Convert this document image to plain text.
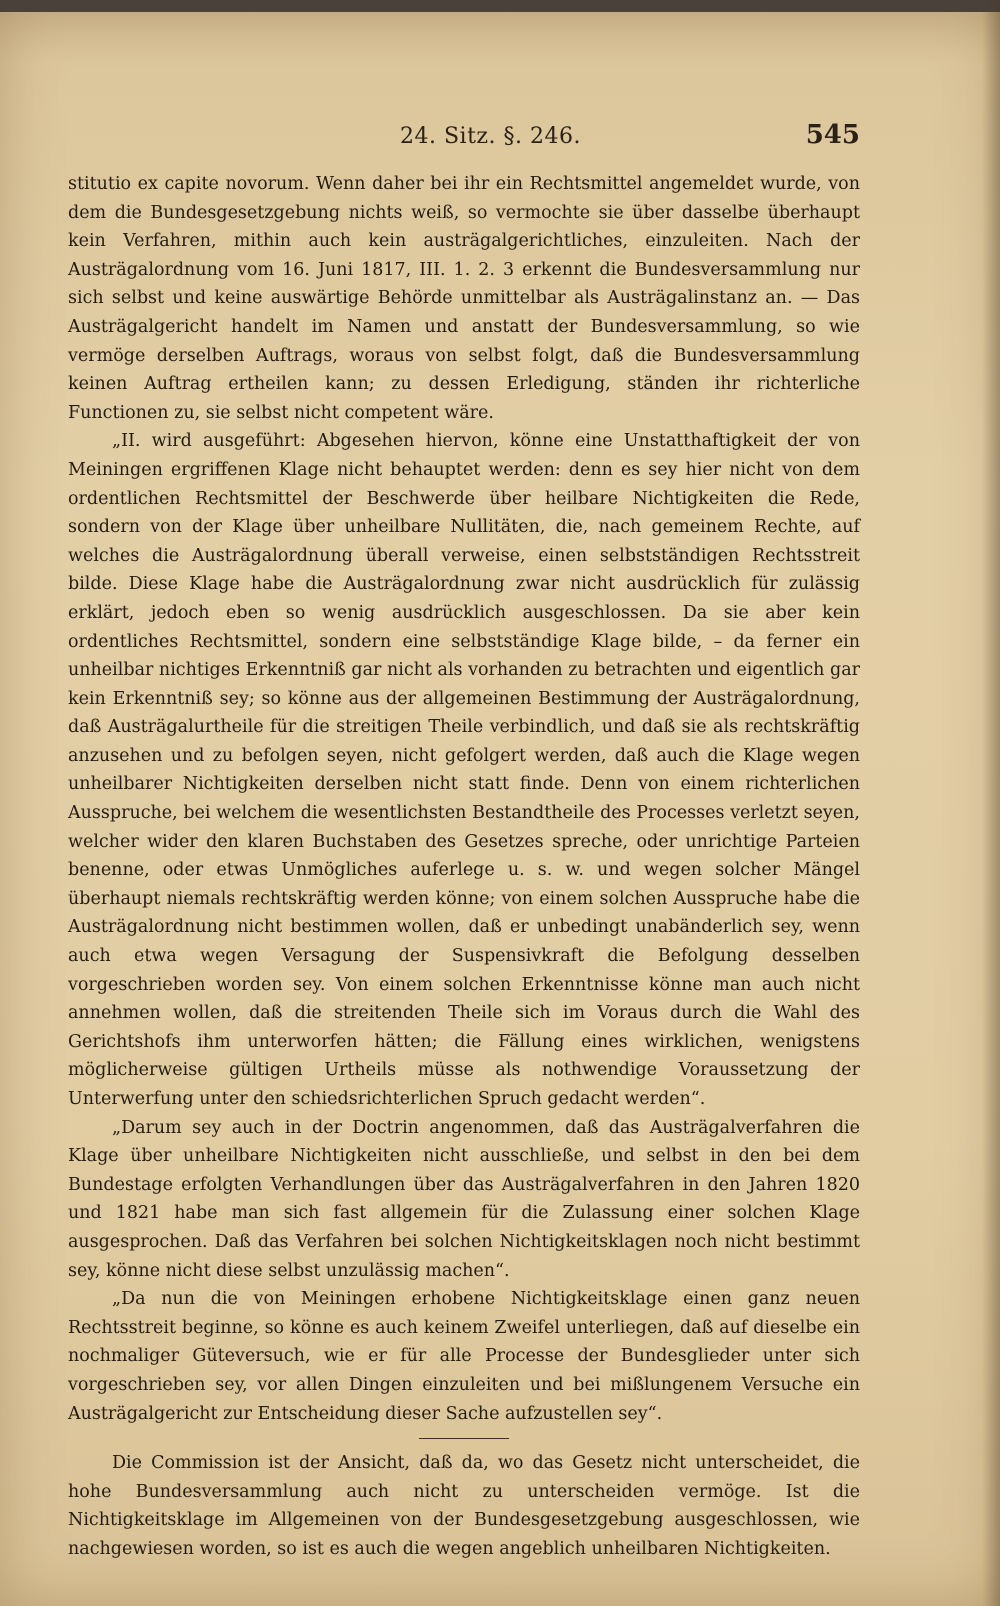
24. Sitz. §. 246.	545

stitutio ex capite novorum. Wenn daher bei ihr ein Rechtsmittel angemeldet wurde, von dem die Bundesgesetzgebung nichts weiß, so vermochte sie über dasselbe überhaupt kein Verfahren, mithin auch kein austrägalgerichtliches, einzuleiten. Nach der Austrägalordnung vom 16. Juni 1817, III. 1. 2. 3 erkennt die Bundesversammlung nur sich selbst und keine auswärtige Behörde unmittelbar als Austrägalinstanz an. — Das Austrägalgericht handelt im Namen und anstatt der Bundesversammlung, so wie vermöge derselben Auftrags, woraus von selbst folgt, daß die Bundesversammlung keinen Auftrag ertheilen kann; zu dessen Erledigung, ständen ihr richterliche Functionen zu, sie selbst nicht competent wäre.

„II. wird ausgeführt: Abgesehen hiervon, könne eine Unstatthaftigkeit der von Meiningen ergriffenen Klage nicht behauptet werden: denn es sey hier nicht von dem ordentlichen Rechtsmittel der Beschwerde über heilbare Nichtigkeiten die Rede, sondern von der Klage über unheilbare Nullitäten, die, nach gemeinem Rechte, auf welches die Austrägalordnung überall verweise, einen selbstständigen Rechtsstreit bilde. Diese Klage habe die Austrägalordnung zwar nicht ausdrücklich für zulässig erklärt, jedoch eben so wenig ausdrücklich ausgeschlossen. Da sie aber kein ordentliches Rechtsmittel, sondern eine selbstständige Klage bilde, – da ferner ein unheilbar nichtiges Erkenntniß gar nicht als vorhanden zu betrachten und eigentlich gar kein Erkenntniß sey; so könne aus der allgemeinen Bestimmung der Austrägalordnung, daß Austrägalurtheile für die streitigen Theile verbindlich, und daß sie als rechtskräftig anzusehen und zu befolgen seyen, nicht gefolgert werden, daß auch die Klage wegen unheilbarer Nichtigkeiten derselben nicht statt finde. Denn von einem richterlichen Ausspruche, bei welchem die wesentlichsten Bestandtheile des Processes verletzt seyen, welcher wider den klaren Buchstaben des Gesetzes spreche, oder unrichtige Parteien benenne, oder etwas Unmögliches auferlege u. s. w. und wegen solcher Mängel überhaupt niemals rechtskräftig werden könne; von einem solchen Ausspruche habe die Austrägalordnung nicht bestimmen wollen, daß er unbedingt unabänderlich sey, wenn auch etwa wegen Versagung der Suspensivkraft die Befolgung desselben vorgeschrieben worden sey. Von einem solchen Erkenntnisse könne man auch nicht annehmen wollen, daß die streitenden Theile sich im Voraus durch die Wahl des Gerichtshofs ihm unterworfen hätten; die Fällung eines wirklichen, wenigstens möglicherweise gültigen Urtheils müsse als nothwendige Voraussetzung der Unterwerfung unter den schiedsrichterlichen Spruch gedacht werden“.

„Darum sey auch in der Doctrin angenommen, daß das Austrägalverfahren die Klage über unheilbare Nichtigkeiten nicht ausschließe, und selbst in den bei dem Bundestage erfolgten Verhandlungen über das Austrägalverfahren in den Jahren 1820 und 1821 habe man sich fast allgemein für die Zulassung einer solchen Klage ausgesprochen. Daß das Verfahren bei solchen Nichtigkeitsklagen noch nicht bestimmt sey, könne nicht diese selbst unzulässig machen“.

„Da nun die von Meiningen erhobene Nichtigkeitsklage einen ganz neuen Rechtsstreit beginne, so könne es auch keinem Zweifel unterliegen, daß auf dieselbe ein nochmaliger Güteversuch, wie er für alle Processe der Bundesglieder unter sich vorgeschrieben sey, vor allen Dingen einzuleiten und bei mißlungenem Versuche ein Austrägalgericht zur Entscheidung dieser Sache aufzustellen sey“.

Die Commission ist der Ansicht, daß da, wo das Gesetz nicht unterscheidet, die hohe Bundesversammlung auch nicht zu unterscheiden vermöge. Ist die Nichtigkeitsklage im Allgemeinen von der Bundesgesetzgebung ausgeschlossen, wie nachgewiesen worden, so ist es auch die wegen angeblich unheilbaren Nichtigkeiten.
